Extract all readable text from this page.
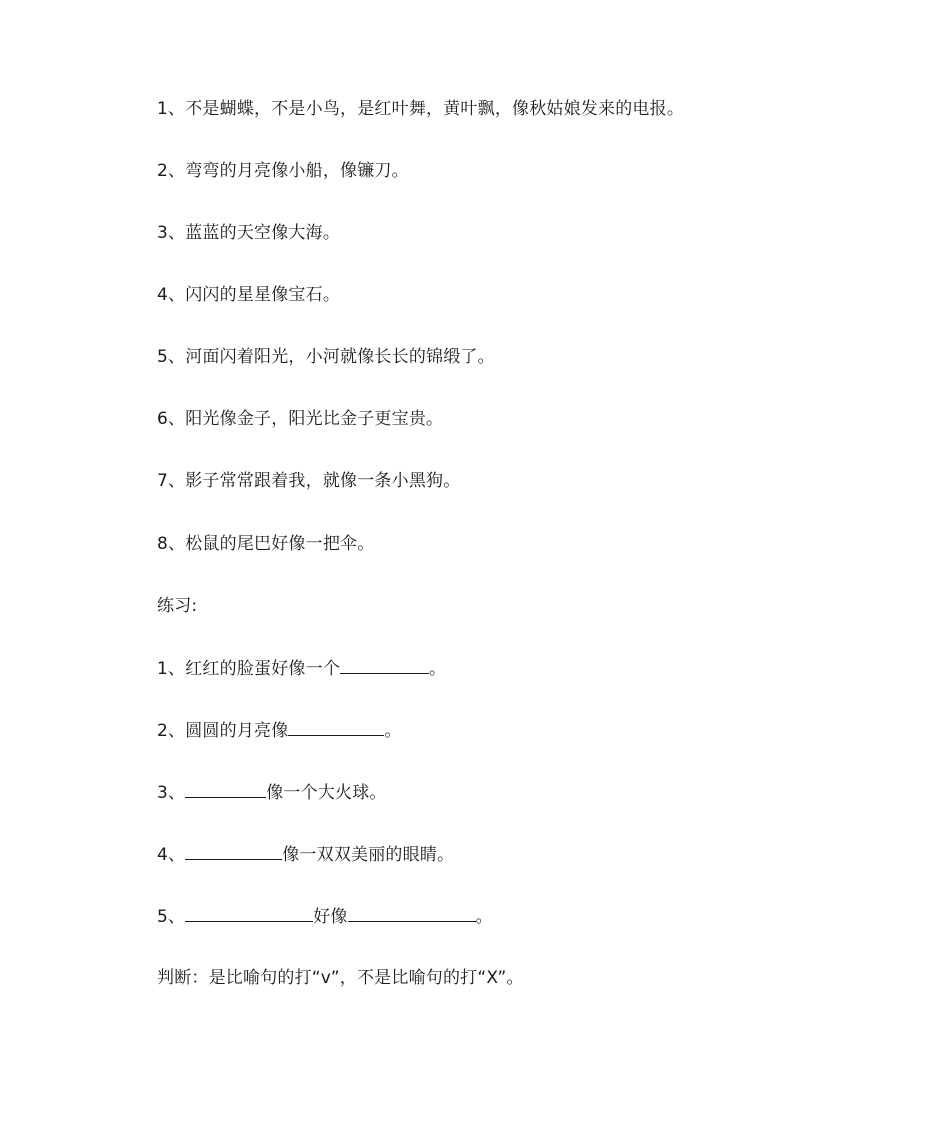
1、不是蝴蝶，不是小鸟，是红叶舞，黄叶飘，像秋姑娘发来的电报。
2、弯弯的月亮像小船，像镰刀。
3、蓝蓝的天空像大海。
4、闪闪的星星像宝石。
5、河面闪着阳光，小河就像长长的锦缎了。
6、阳光像金子，阳光比金子更宝贵。
7、影子常常跟着我，就像一条小黑狗。
8、松鼠的尾巴好像一把伞。
练习:
1、红红的脸蛋好像一个	。
2、圆圆的月亮像	。
3、	像一个大火球。
4、	像一双双美丽的眼睛。
5、	好像	。
判断：是比喻句的打“v”，不是比喻句的打“X”。
